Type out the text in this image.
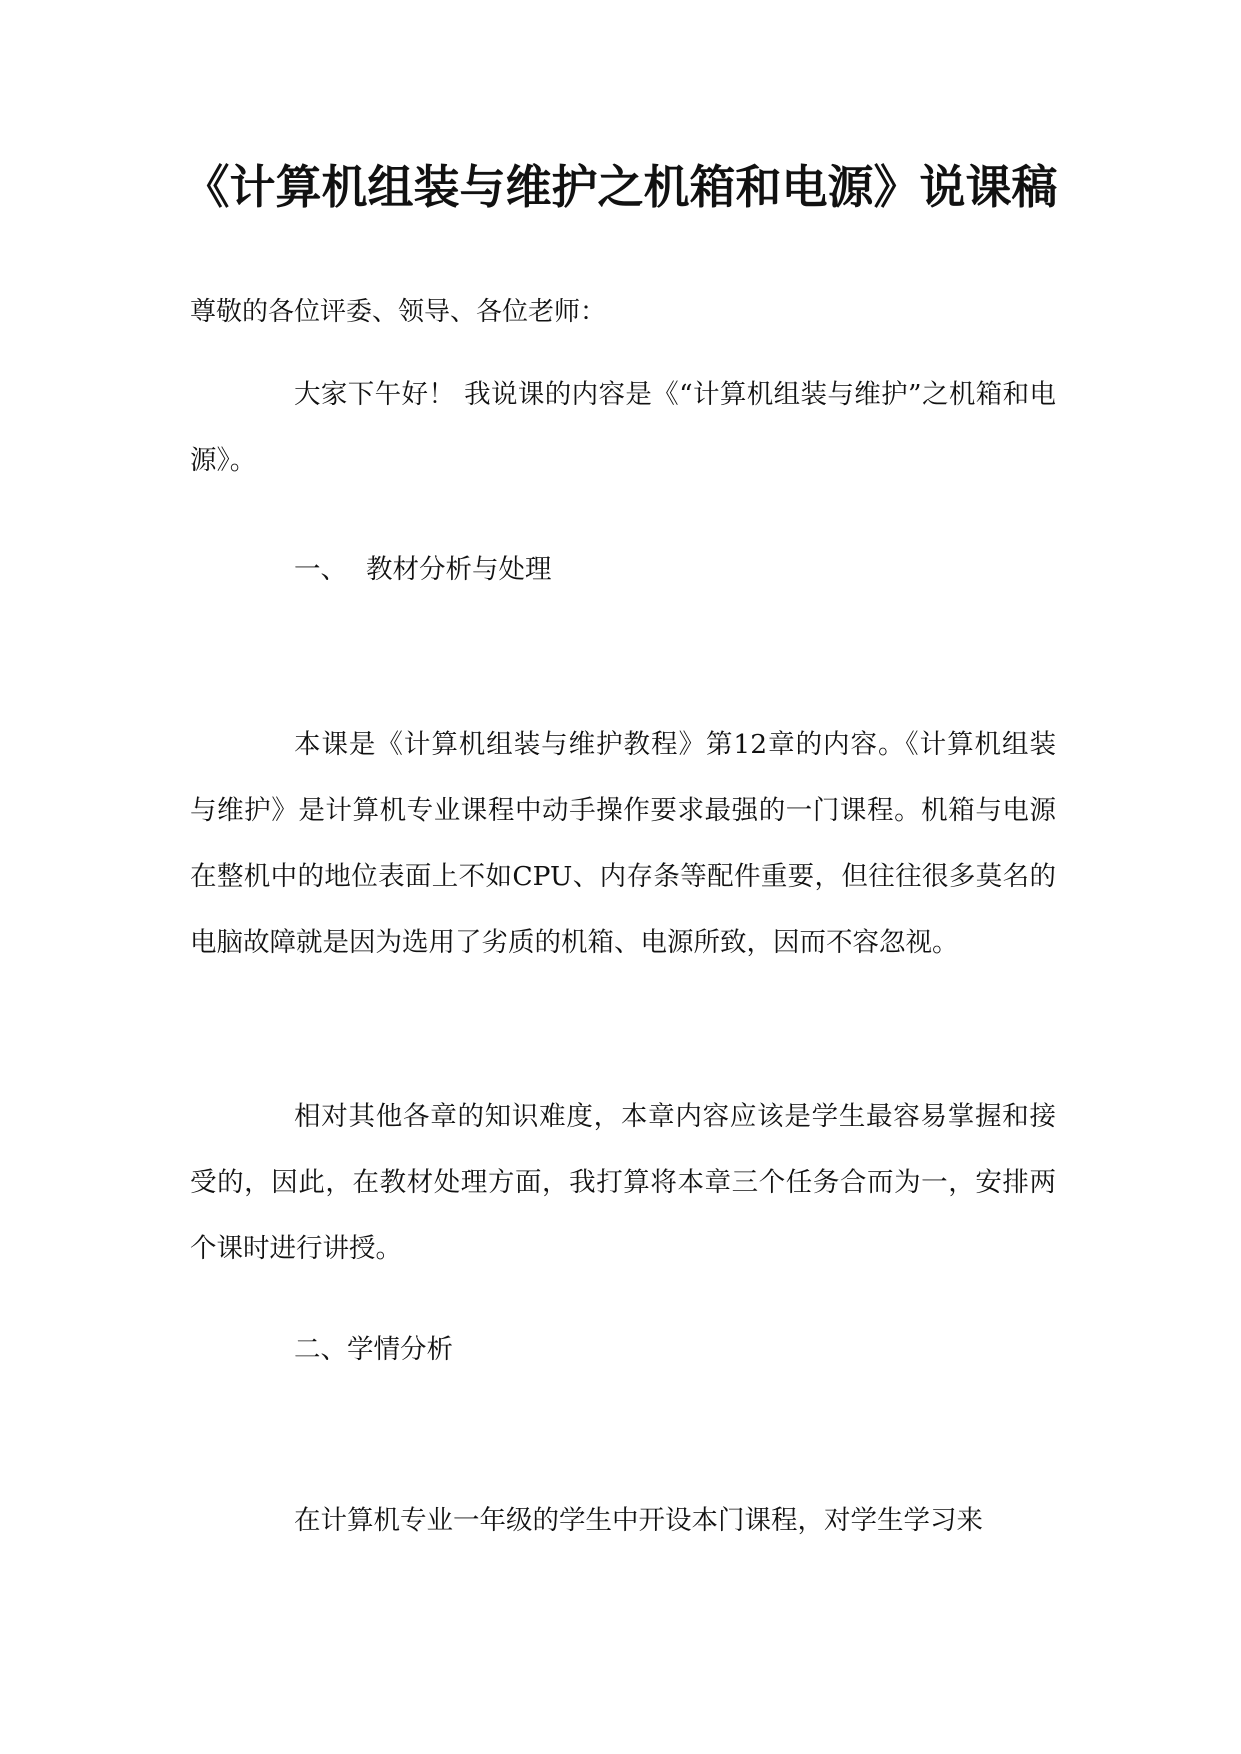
《计算机组装与维护之机箱和电源》说课稿

尊敬的各位评委、领导、各位老师：

大家下午好！ 我说课的内容是《“计算机组装与维护”之机箱和电源》。

一、 教材分析与处理

本课是《计算机组装与维护教程》第12章的内容。《计算机组装与维护》是计算机专业课程中动手操作要求最强的一门课程。机箱与电源在整机中的地位表面上不如CPU、内存条等配件重要，但往往很多莫名的电脑故障就是因为选用了劣质的机箱、电源所致，因而不容忽视。

相对其他各章的知识难度，本章内容应该是学生最容易掌握和接受的，因此，在教材处理方面，我打算将本章三个任务合而为一，安排两个课时进行讲授。

二、学情分析

在计算机专业一年级的学生中开设本门课程，对学生学习来
